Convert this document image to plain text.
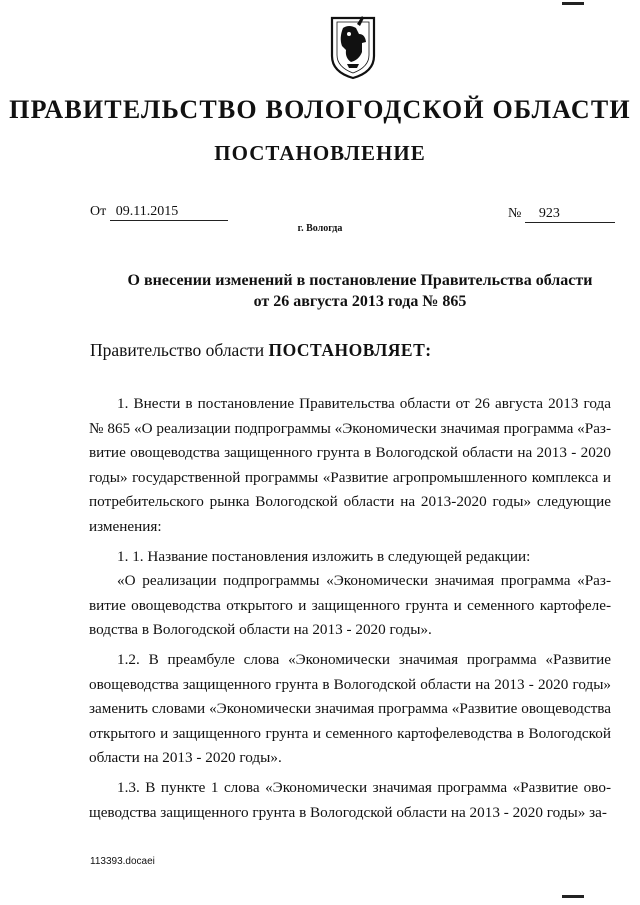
ПРАВИТЕЛЬСТВО ВОЛОГОДСКОЙ ОБЛАСТИ
ПОСТАНОВЛЕНИЕ
От 09.11.2015	№ 923
г. Вологда
О внесении изменений в постановление Правительства области
от 26 августа 2013 года № 865
Правительство области ПОСТАНОВЛЯЕТ:

1. Внести в постановление Правительства области от 26 августа 2013 года № 865 «О реализации подпрограммы «Экономически значимая программа «Развитие овощеводства защищенного грунта в Вологодской области на 2013 - 2020 годы» государственной программы «Развитие агропромышленного комплекса и потребительского рынка Вологодской области на 2013-2020 годы» следующие изменения:

1. 1. Название постановления изложить в следующей редакции:

«О реализации подпрограммы «Экономически значимая программа «Развитие овощеводства открытого и защищенного грунта и семенного картофелеводства в Вологодской области на 2013 - 2020 годы».

1.2. В преамбуле слова «Экономически значимая программа «Развитие овощеводства защищенного грунта в Вологодской области на 2013 - 2020 годы» заменить словами «Экономически значимая программа «Развитие овощеводства открытого и защищенного грунта и семенного картофелеводства в Вологодской области на 2013 - 2020 годы».

1.3. В пункте 1 слова «Экономически значимая программа «Развитие овощеводства защищенного грунта в Вологодской области на 2013 - 2020 годы» за-

113393.docaei
